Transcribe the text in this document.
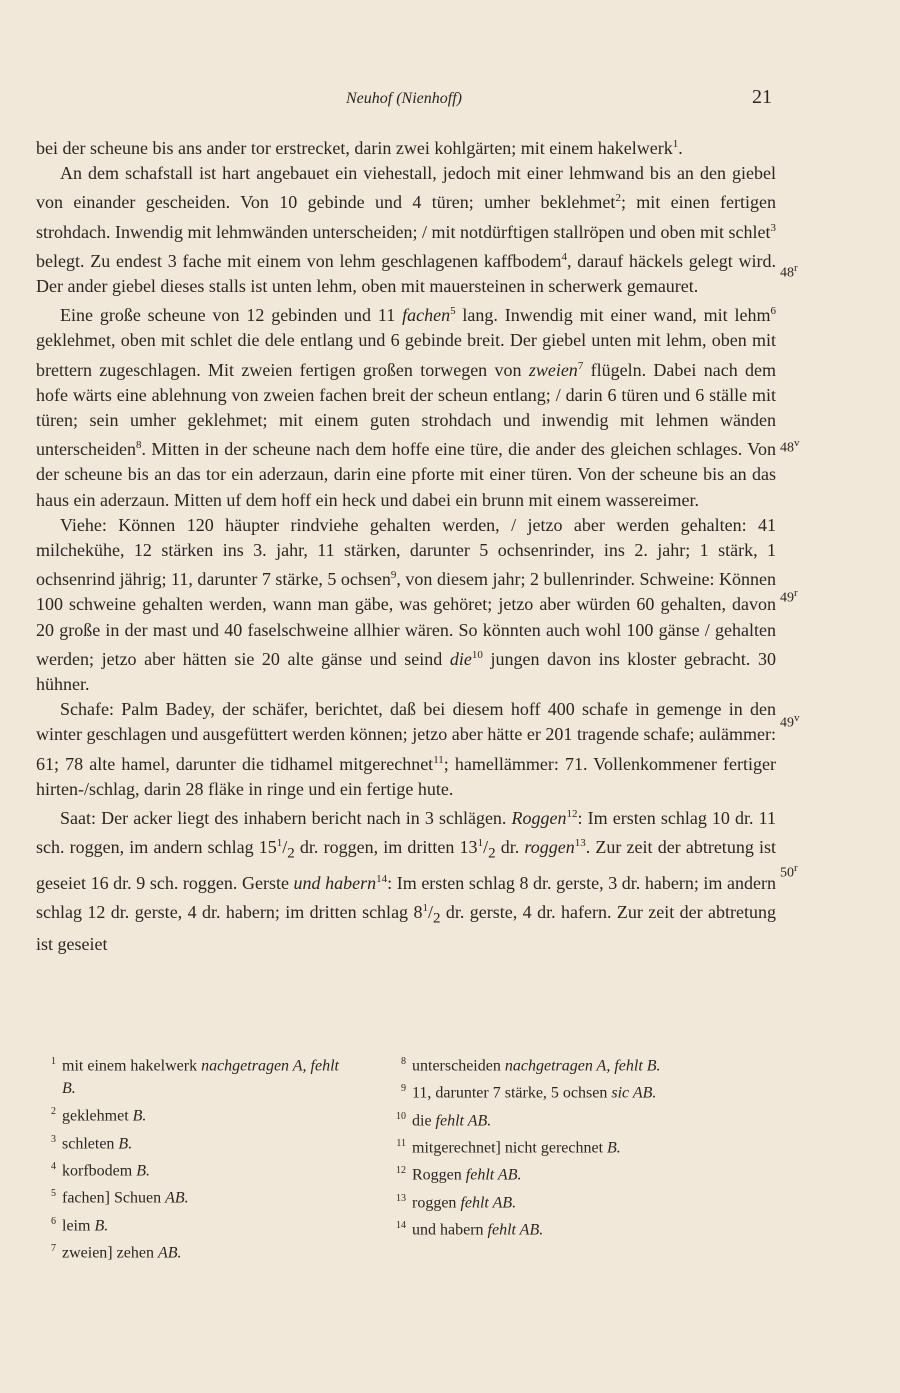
Neuhof (Nienhoff)	21

bei der scheune bis ans ander tor erstrecket, darin zwei kohlgärten; mit einem hakelwerk$^1$.

An dem schafstall ist hart angebauet ein viehestall, jedoch mit einer lehmwand bis an den giebel von einander gescheiden. Von 10 gebinde und 4 türen; umher beklehmet$^2$; mit einen fertigen strohdach. Inwendig mit lehmwänden unterscheiden; / mit notdürftigen stallröpen und oben mit schlet$^3$ belegt. Zu endest 3 fache mit einem von lehm geschlagenen kaffbodem$^4$, darauf häckels gelegt wird. Der ander giebel dieses stalls ist unten lehm, oben mit mauersteinen in scherwerk gemauret.

Eine große scheune von 12 gebinden und 11 fachen$^5$ lang. Inwendig mit einer wand, mit lehm$^6$ geklehmet, oben mit schlet die dele entlang und 6 gebinde breit. Der giebel unten mit lehm, oben mit brettern zugeschlagen. Mit zweien fertigen großen torwegen von zweien$^7$ flügeln. Dabei nach dem hofe wärts eine ablehnung von zweien fachen breit der scheun entlang; / darin 6 türen und 6 ställe mit türen; sein umher geklehmet; mit einem guten strohdach und inwendig mit lehmen wänden unterscheiden$^8$. Mitten in der scheune nach dem hoffe eine türe, die ander des gleichen schlages. Von der scheune bis an das tor ein aderzaun, darin eine pforte mit einer türen. Von der scheune bis an das haus ein aderzaun. Mitten uf dem hoff ein heck und dabei ein brunn mit einem wassereimer.

Viehe: Können 120 häupter rindviehe gehalten werden, / jetzo aber werden gehalten: 41 milchekühe, 12 stärken ins 3. jahr, 11 stärken, darunter 5 ochsenrinder, ins 2. jahr; 1 stärk, 1 ochsenrind jährig; 11, darunter 7 stärke, 5 ochsen$^9$, von diesem jahr; 2 bullenrinder. Schweine: Können 100 schweine gehalten werden, wann man gäbe, was gehöret; jetzo aber würden 60 gehalten, davon 20 große in der mast und 40 faselschweine allhier wären. So könnten auch wohl 100 gänse / gehalten werden; jetzo aber hätten sie 20 alte gänse und seind die$^{10}$ jungen davon ins kloster gebracht. 30 hühner.

Schafe: Palm Badey, der schäfer, berichtet, daß bei diesem hoff 400 schafe in gemenge in den winter geschlagen und ausgefüttert werden können; jetzo aber hätte er 201 tragende schafe; aulämmer: 61; 78 alte hamel, darunter die tidhamel mitgerechnet$^{11}$; hamellämmer: 71. Vollenkommener fertiger hirten-/schlag, darin 28 fläke in ringe und ein fertige hute.

Saat: Der acker liegt des inhabern bericht nach in 3 schlägen. Roggen$^{12}$: Im ersten schlag 10 dr. 11 sch. roggen, im andern schlag $15^1/_2$ dr. roggen, im dritten $13^1/_2$ dr. roggen$^{13}$. Zur zeit der abtretung ist geseiet 16 dr. 9 sch. roggen. Gerste und habern$^{14}$: Im ersten schlag 8 dr. gerste, 3 dr. habern; im andern schlag 12 dr. gerste, 4 dr. habern; im dritten schlag $8^1/_2$ dr. gerste, 4 dr. hafern. Zur zeit der abtretung ist geseiet

48$^r$
48$^v$
49$^r$
49$^v$
50$^r$
$^1$ mit einem hakelwerk nachgetragen A, fehlt B.
$^2$ geklehmet B.
$^3$ schleten B.
$^4$ korfbodem B.
$^5$ fachen] Schuen AB.
$^6$ leim B.
$^7$ zweien] zehen AB.
$^8$ unterscheiden nachgetragen A, fehlt B.
$^9$ 11, darunter 7 stärke, 5 ochsen sic AB.
$^{10}$ die fehlt AB.
$^{11}$ mitgerechnet] nicht gerechnet B.
$^{12}$ Roggen fehlt AB.
$^{13}$ roggen fehlt AB.
$^{14}$ und habern fehlt AB.
